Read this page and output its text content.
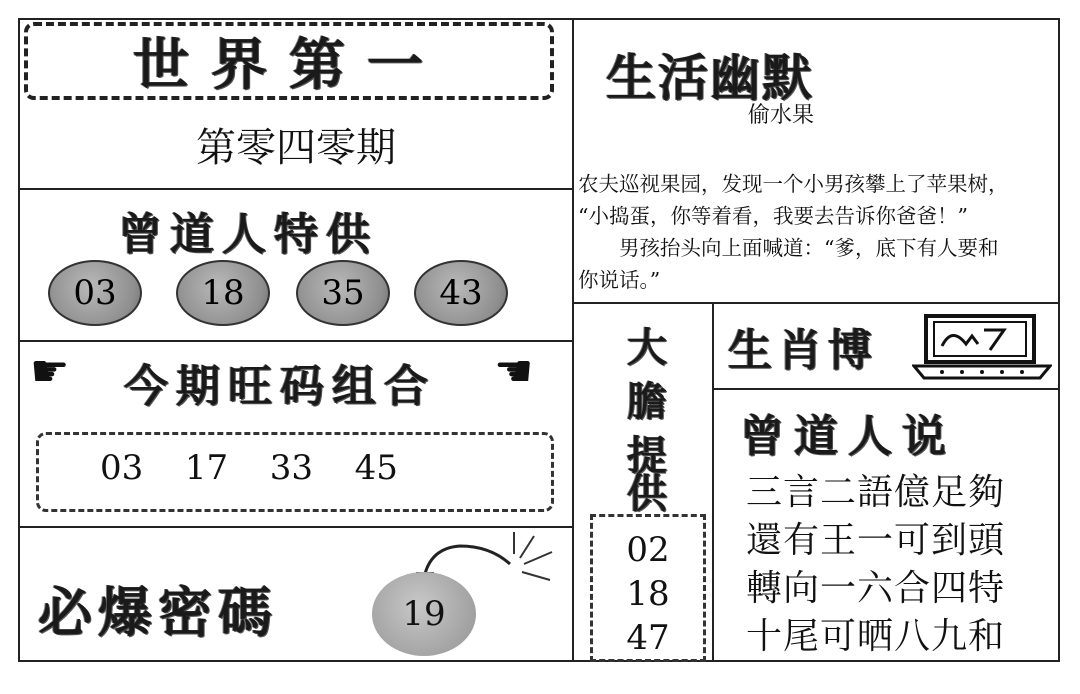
世界第一
第零四零期
曾道人特供
03 18 35 43
☛ 今期旺码组合 ☚
03  17  33  45
必爆密碼	19
生活幽默
偷水果

农夫巡视果园，发现一个小男孩攀上了苹果树，

“小捣蛋，你等着看，我要去告诉你爸爸！”

　　男孩抬头向上面喊道：“爹，底下有人要和

你说话。”

大
膽
提
供
02
18
47
生肖博
曾道人说
三言二語億足夠
還有王一可到頭
轉向一六合四特
十尾可晒八九和
